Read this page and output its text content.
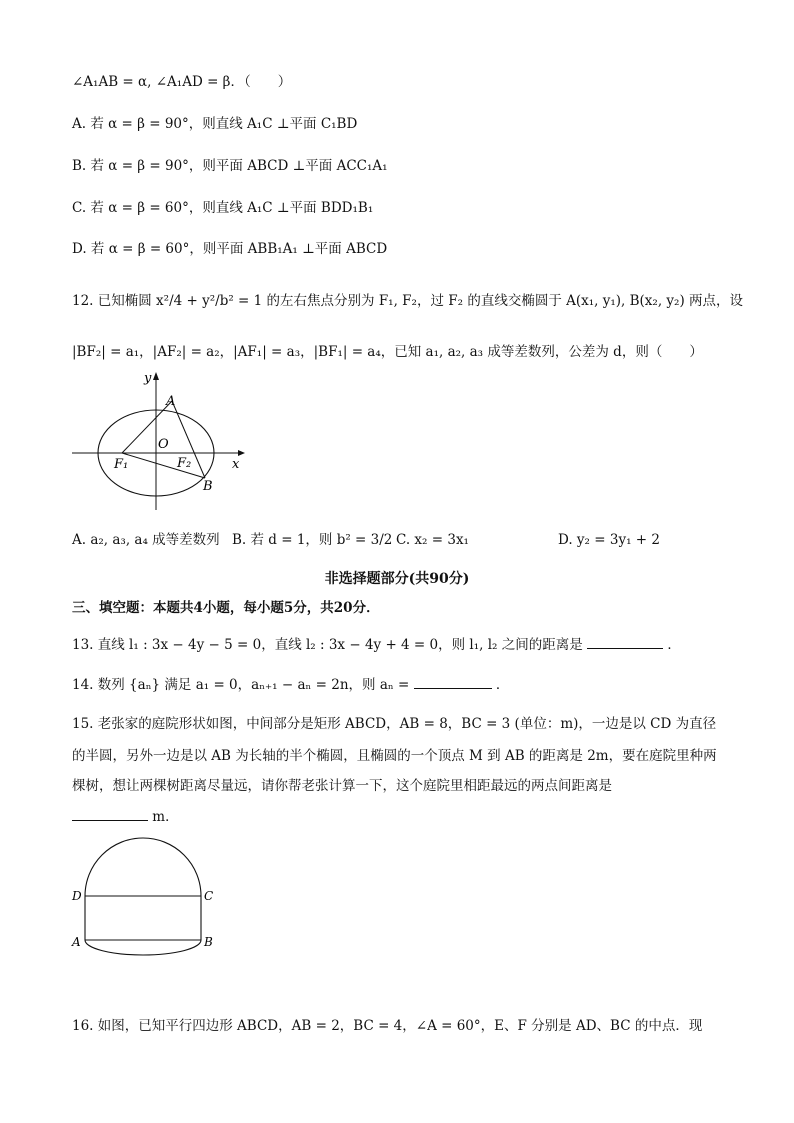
∠A₁AB = α, ∠A₁AD = β．（　　）
A. 若 α = β = 90°，则直线 A₁C ⊥平面 C₁BD
B. 若 α = β = 90°，则平面 ABCD ⊥平面 ACC₁A₁
C. 若 α = β = 60°，则直线 A₁C ⊥平面 BDD₁B₁
D. 若 α = β = 60°，则平面 ABB₁A₁ ⊥平面 ABCD
12. 已知椭圆 x²/4 + y²/b² = 1 的左右焦点分别为 F₁, F₂，过 F₂ 的直线交椭圆于 A(x₁, y₁), B(x₂, y₂) 两点，设
|BF₂| = a₁，|AF₂| = a₂，|AF₁| = a₃，|BF₁| = a₄，已知 a₁, a₂, a₃ 成等差数列，公差为 d，则（　　）
y
x
A
O
F₁	F₂
B
A. a₂, a₃, a₄ 成等差数列 B. 若 d = 1，则 b² = 3/2 C. x₂ = 3x₁	D. y₂ = 3y₁ + 2
非选择题部分(共90分)
三、填空题：本题共4小题，每小题5分，共20分．
13. 直线 l₁ : 3x − 4y − 5 = 0，直线 l₂ : 3x − 4y + 4 = 0，则 l₁, l₂ 之间的距离是	．
14. 数列 {aₙ} 满足 a₁ = 0，aₙ₊₁ − aₙ = 2n，则 aₙ =	．
15. 老张家的庭院形状如图，中间部分是矩形 ABCD，AB = 8，BC = 3 (单位：m)，一边是以 CD 为直径
的半圆，另外一边是以 AB 为长轴的半个椭圆，且椭圆的一个顶点 M 到 AB 的距离是 2m，要在庭院里种两
棵树，想让两棵树距离尽量远，请你帮老张计算一下，这个庭院里相距最远的两点间距离是
m．
D	C
A	B
16. 如图，已知平行四边形 ABCD，AB = 2，BC = 4，∠A = 60°，E、F 分别是 AD、BC 的中点．现
